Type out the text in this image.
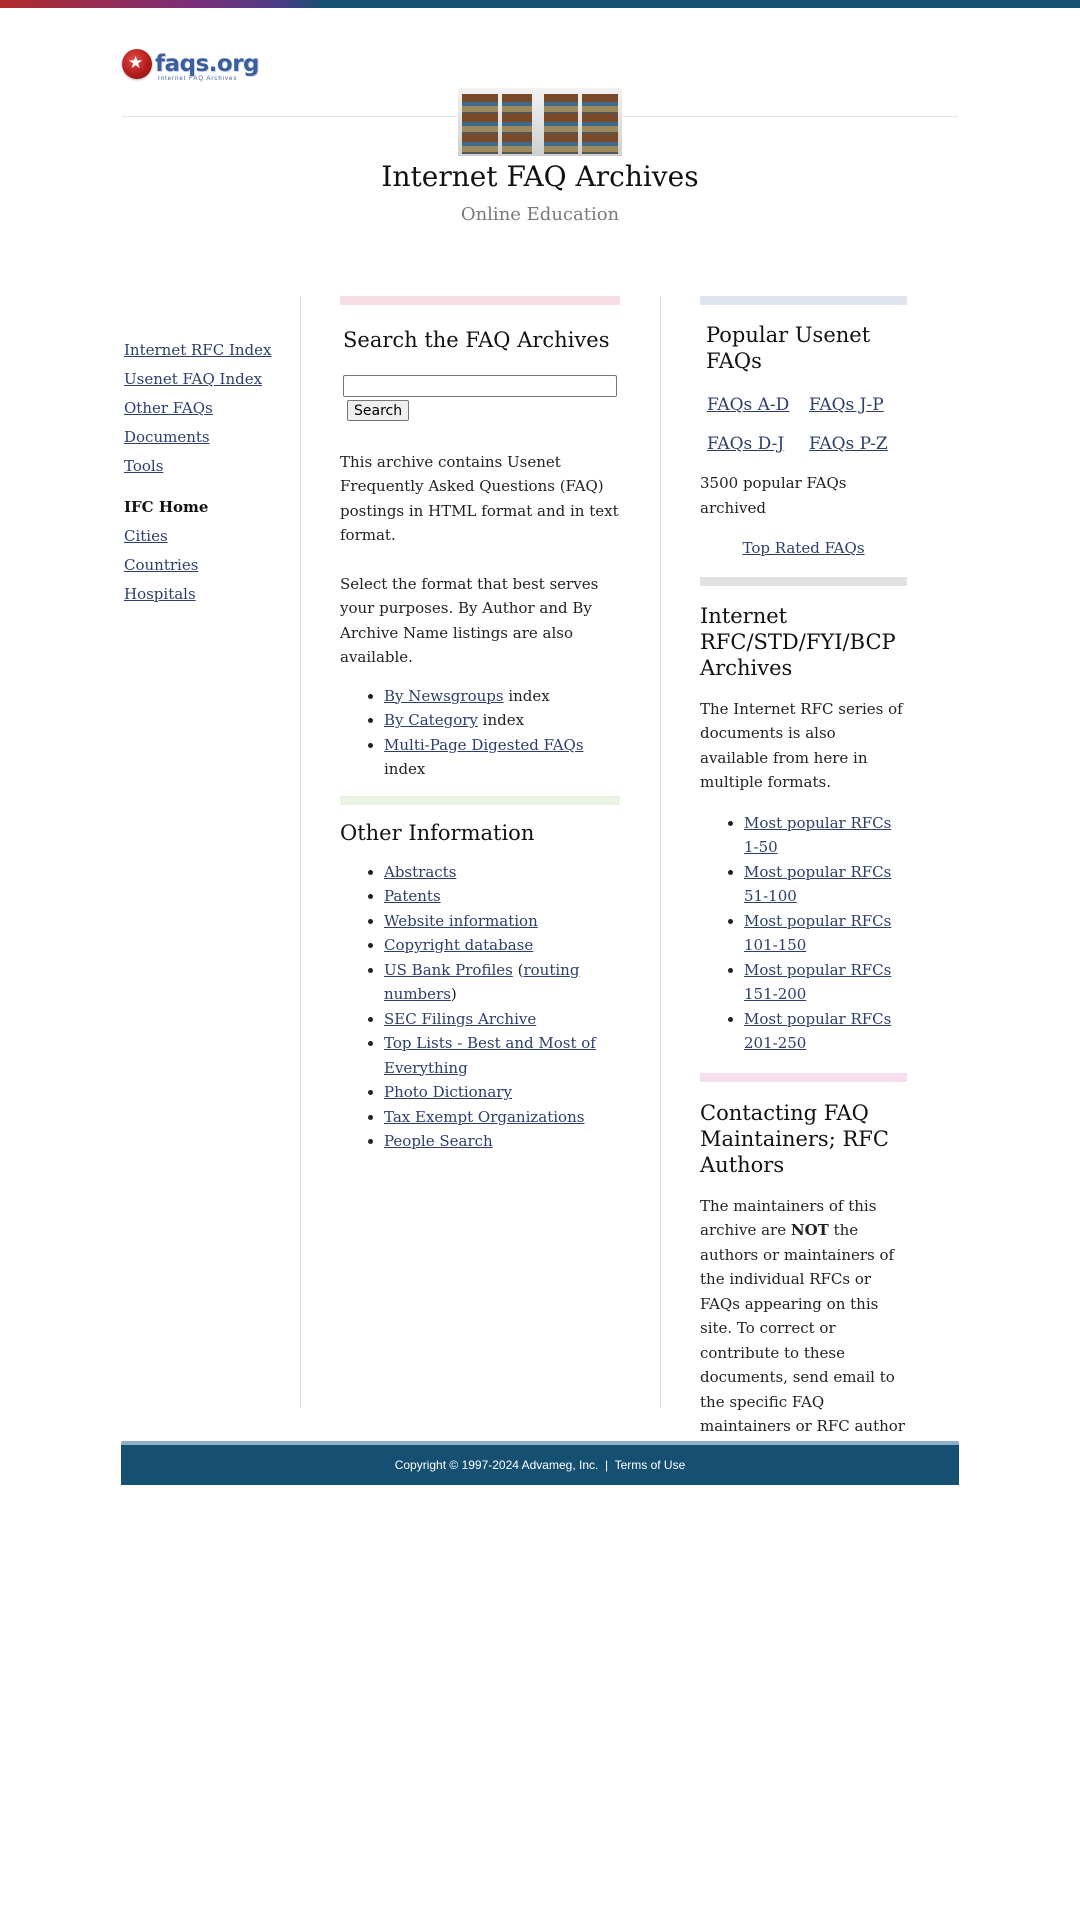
★
faqs.org
Internet FAQ Archives
Internet FAQ Archives
Online Education
Internet RFC Index
Usenet FAQ Index
Other FAQs
Documents
Tools
IFC Home
Cities
Countries
Hospitals
Search the FAQ Archives
Search

This archive contains Usenet Frequently Asked Questions (FAQ) postings in HTML format and in text format.

Select the format that best serves your purposes. By Author and By Archive Name listings are also available.

• By Newsgroups index
• By Category index
• Multi-Page Digested FAQs index
Other Information
• Abstracts
• Patents
• Website information
• Copyright database
• US Bank Profiles (routing numbers)
• SEC Filings Archive
• Top Lists - Best and Most of Everything
• Photo Dictionary
• Tax Exempt Organizations
• People Search
Popular Usenet FAQs
FAQs A-D	FAQs J-P
FAQs D-J	FAQs P-Z

3500 popular FAQs archived

Top Rated FAQs

Internet RFC/STD/FYI/BCP Archives

The Internet RFC series of documents is also available from here in multiple formats.

• Most popular RFCs 1-50
• Most popular RFCs 51-100
• Most popular RFCs 101-150
• Most popular RFCs 151-200
• Most popular RFCs 201-250
Contacting FAQ Maintainers; RFC Authors

The maintainers of this archive are NOT the authors or maintainers of the individual RFCs or FAQs appearing on this site. To correct or contribute to these documents, send email to the specific FAQ maintainers or RFC author

Copyright © 1997-2024 Advameg, Inc. | Terms of Use
